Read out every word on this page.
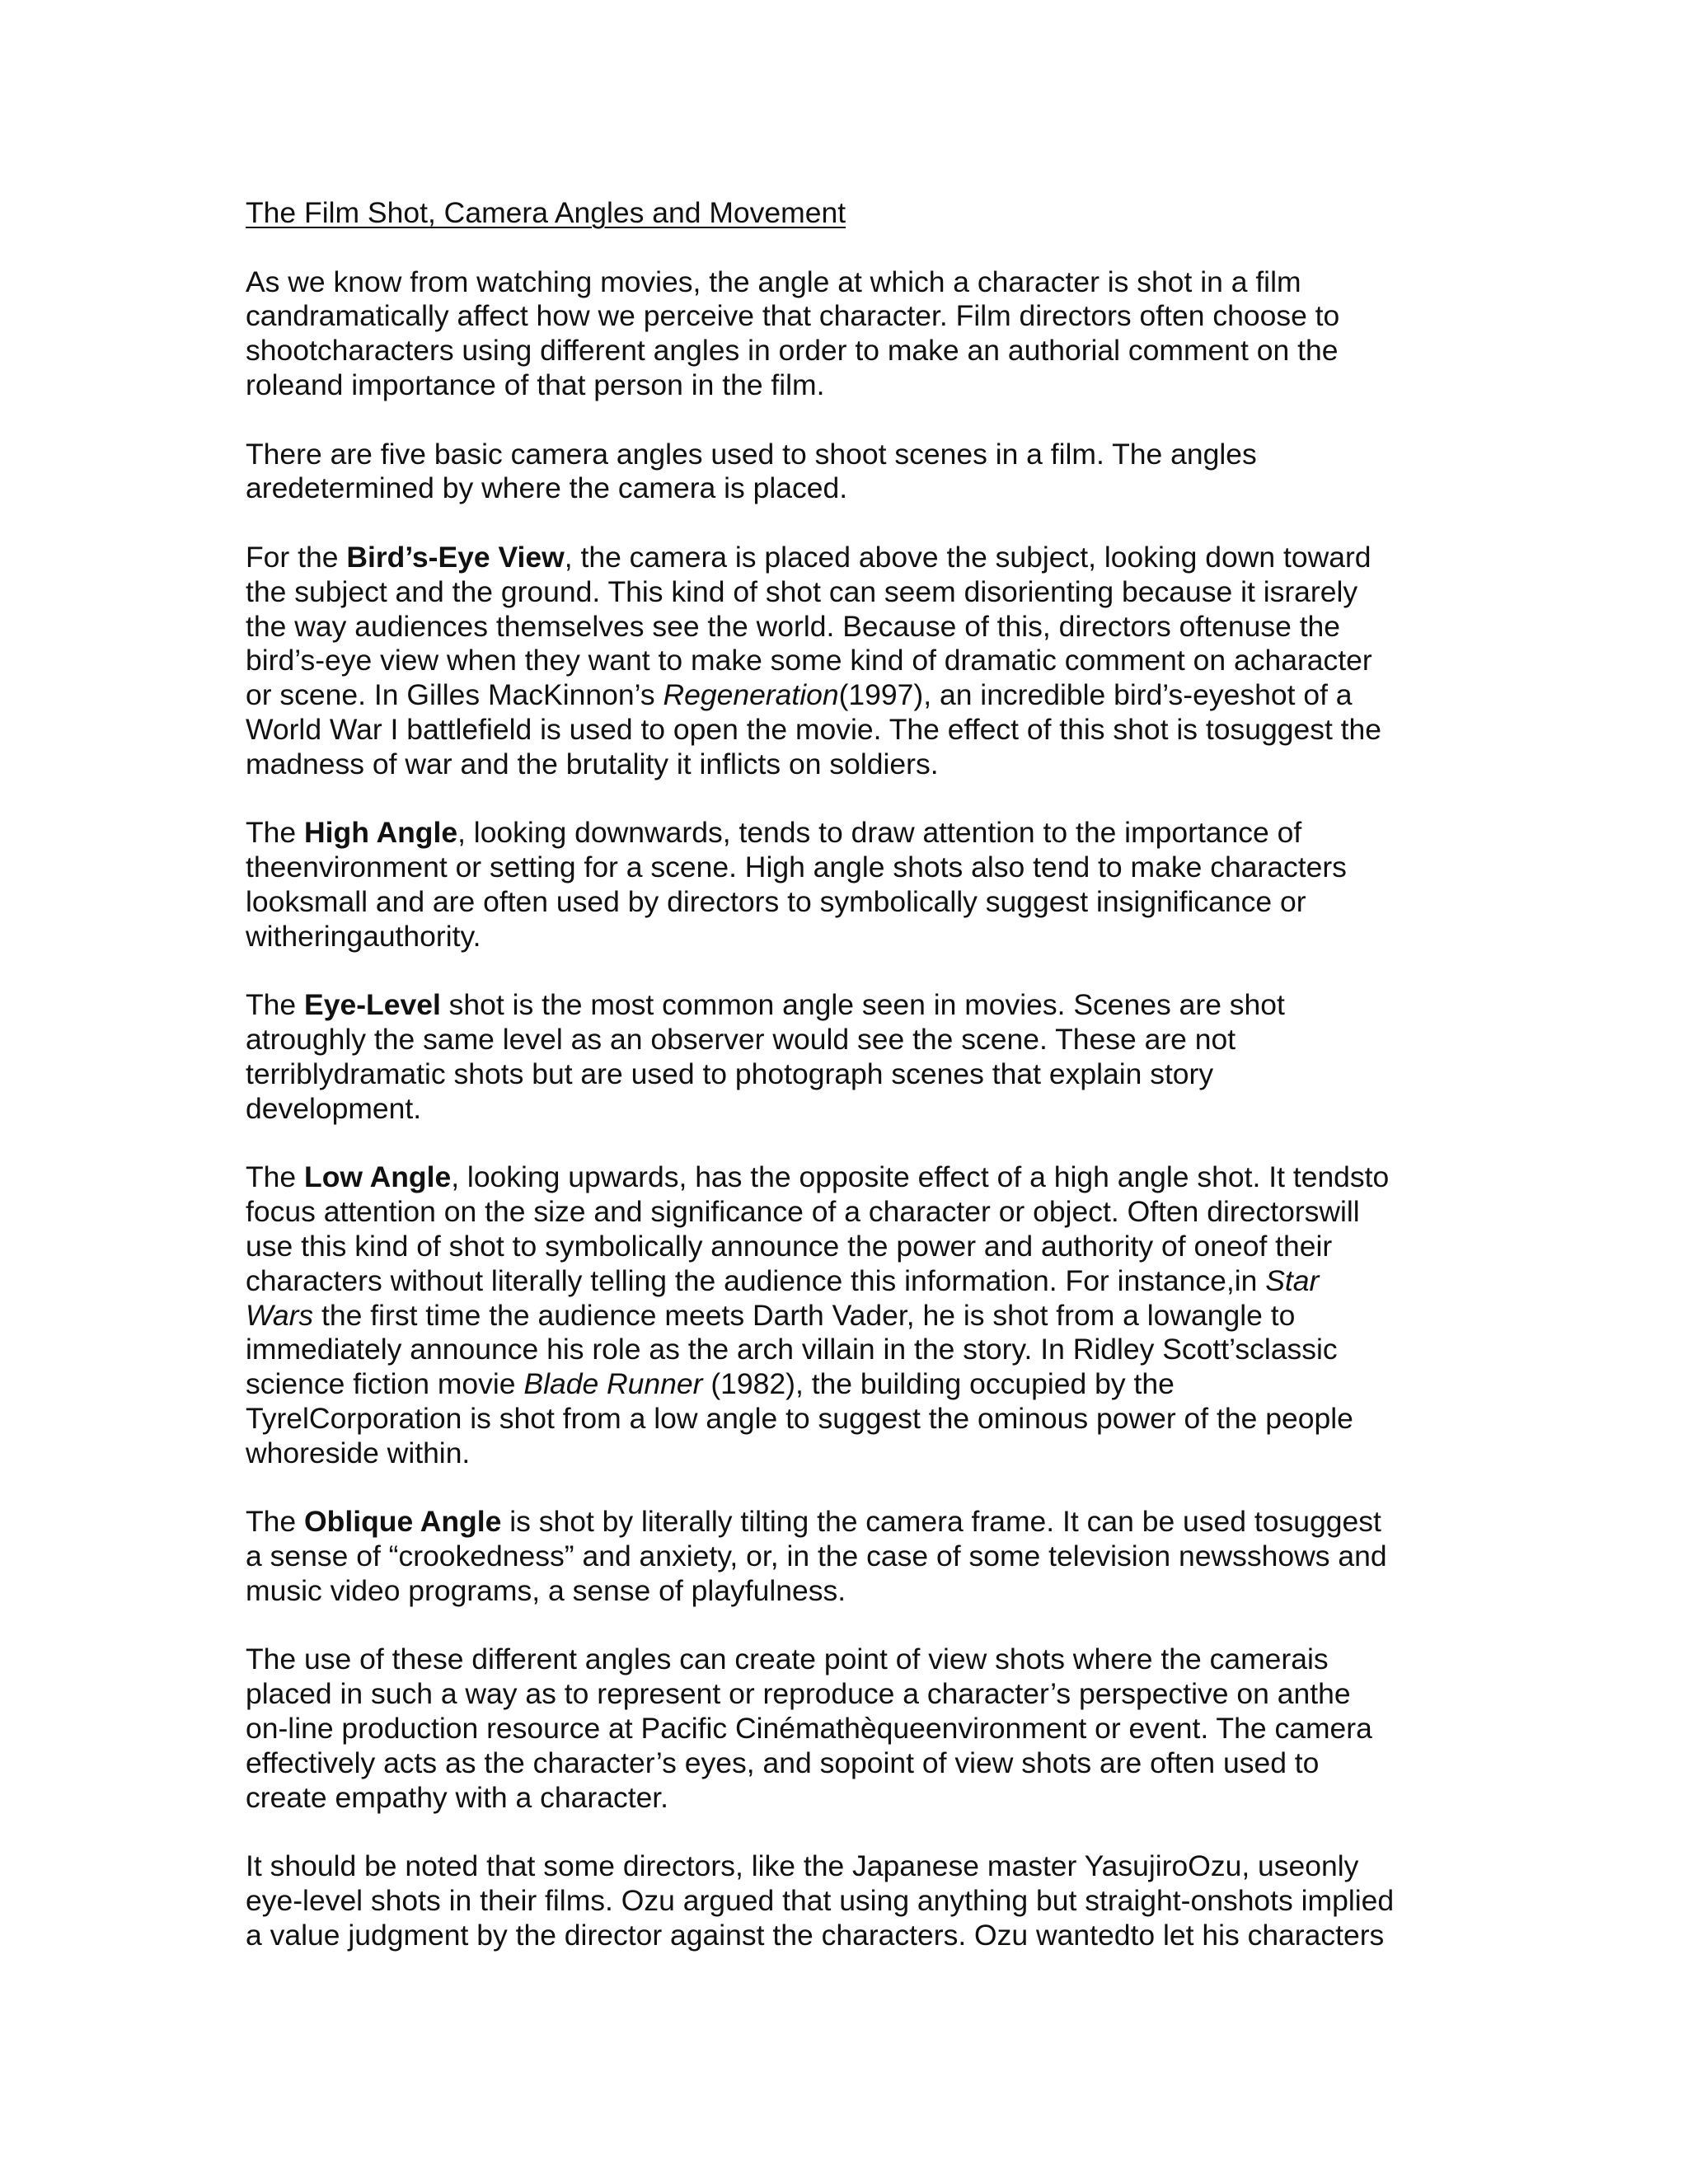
The Film Shot, Camera Angles and Movement

As we know from watching movies, the angle at which a character is shot in a film
candramatically affect how we perceive that character. Film directors often choose to
shootcharacters using different angles in order to make an authorial comment on the
roleand importance of that person in the film.

There are five basic camera angles used to shoot scenes in a film. The angles
aredetermined by where the camera is placed.

For the Bird’s-Eye View, the camera is placed above the subject, looking down toward
the subject and the ground. This kind of shot can seem disorienting because it israrely
the way audiences themselves see the world. Because of this, directors oftenuse the
bird’s-eye view when they want to make some kind of dramatic comment on acharacter
or scene. In Gilles MacKinnon’s Regeneration(1997), an incredible bird’s-eyeshot of a
World War I battlefield is used to open the movie. The effect of this shot is tosuggest the
madness of war and the brutality it inflicts on soldiers.

The High Angle, looking downwards, tends to draw attention to the importance of
theenvironment or setting for a scene. High angle shots also tend to make characters
looksmall and are often used by directors to symbolically suggest insignificance or
witheringauthority.

The Eye-Level shot is the most common angle seen in movies. Scenes are shot
atroughly the same level as an observer would see the scene. These are not
terriblydramatic shots but are used to photograph scenes that explain story
development.

The Low Angle, looking upwards, has the opposite effect of a high angle shot. It tendsto
focus attention on the size and significance of a character or object. Often directorswill
use this kind of shot to symbolically announce the power and authority of oneof their
characters without literally telling the audience this information. For instance,in Star
Wars the first time the audience meets Darth Vader, he is shot from a lowangle to
immediately announce his role as the arch villain in the story. In Ridley Scott’sclassic
science fiction movie Blade Runner (1982), the building occupied by the
TyrelCorporation is shot from a low angle to suggest the ominous power of the people
whoreside within.

The Oblique Angle is shot by literally tilting the camera frame. It can be used tosuggest
a sense of “crookedness” and anxiety, or, in the case of some television newsshows and
music video programs, a sense of playfulness.

The use of these different angles can create point of view shots where the camerais
placed in such a way as to represent or reproduce a character’s perspective on anthe
on-line production resource at Pacific Cinémathèqueenvironment or event. The camera
effectively acts as the character’s eyes, and sopoint of view shots are often used to
create empathy with a character.

It should be noted that some directors, like the Japanese master YasujiroOzu, useonly
eye-level shots in their films. Ozu argued that using anything but straight-onshots implied
a value judgment by the director against the characters. Ozu wantedto let his characters
